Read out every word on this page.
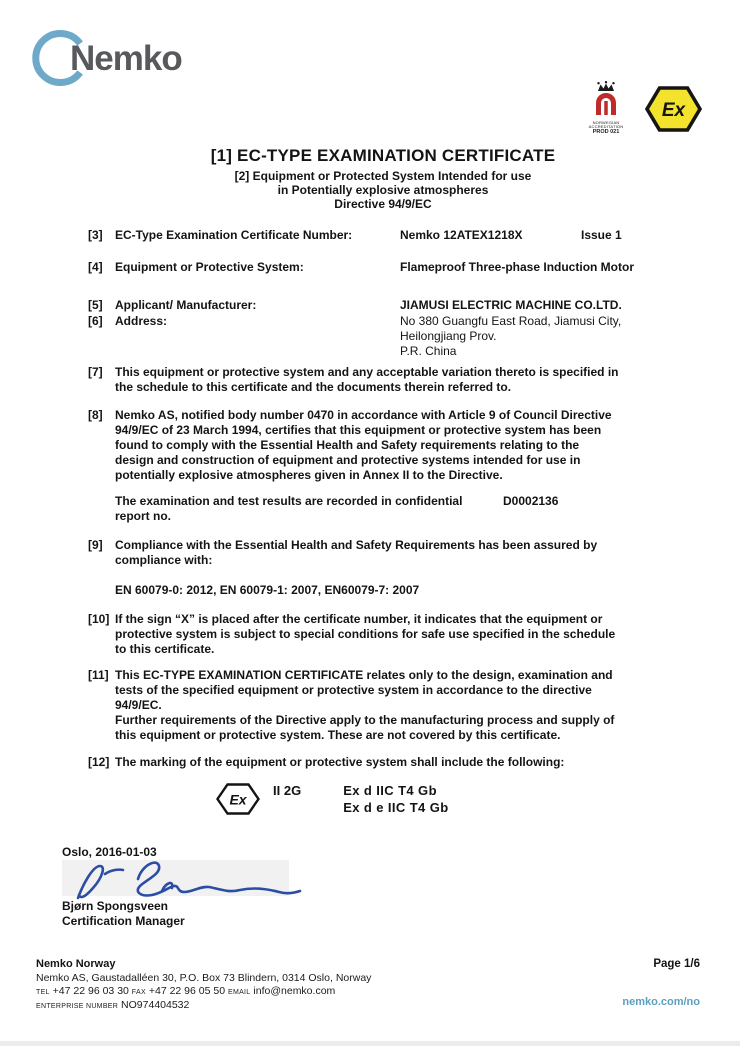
Nemko
NORWEGIAN
ACCREDITATION
PROD 021
Ex
[1] EC-TYPE EXAMINATION CERTIFICATE
[2] Equipment or Protected System Intended for use
in Potentially explosive atmospheres
Directive 94/9/EC
[3]	EC-Type Examination Certificate Number:	Nemko 12ATEX1218X	Issue 1
[4]	Equipment or Protective System:	Flameproof Three-phase Induction Motor
[5]	Applicant/ Manufacturer:	JIAMUSI ELECTRIC MACHINE CO.LTD.
[6]	Address:	No 380 Guangfu East Road, Jiamusi City,
Heilongjiang Prov.
P.R. China
[7]	This equipment or protective system and any acceptable variation thereto is specified in
the schedule to this certificate and the documents therein referred to.
[8]	Nemko AS, notified body number 0470 in accordance with Article 9 of Council Directive
94/9/EC of 23 March 1994, certifies that this equipment or protective system has been
found to comply with the Essential Health and Safety requirements relating to the
design and construction of equipment and protective systems intended for use in
potentially explosive atmospheres given in Annex II to the Directive.
The examination and test results are recorded in confidential	D0002136
report no.
[9]	Compliance with the Essential Health and Safety Requirements has been assured by
compliance with:
EN 60079-0: 2012, EN 60079-1: 2007, EN60079-7: 2007
[10] If the sign “X” is placed after the certificate number, it indicates that the equipment or
protective system is subject to special conditions for safe use specified in the schedule
to this certificate.
[11] This EC-TYPE EXAMINATION CERTIFICATE relates only to the design, examination and
tests of the specified equipment or protective system in accordance to the directive
94/9/EC.
Further requirements of the Directive apply to the manufacturing process and supply of
this equipment or protective system. These are not covered by this certificate.
[12] The marking of the equipment or protective system shall include the following:
Ex
II 2G	Ex d IIC T4 Gb
Ex d e IIC T4 Gb
Oslo, 2016-01-03
Bjørn Spongsveen
Certification Manager
Nemko Norway
Nemko AS, Gaustadalléen 30, P.O. Box 73 Blindern, 0314 Oslo, Norway
TEL +47 22 96 03 30 FAX +47 22 96 05 50 EMAIL info@nemko.com
ENTERPRISE NUMBER NO974404532
Page 1/6
nemko.com/no
